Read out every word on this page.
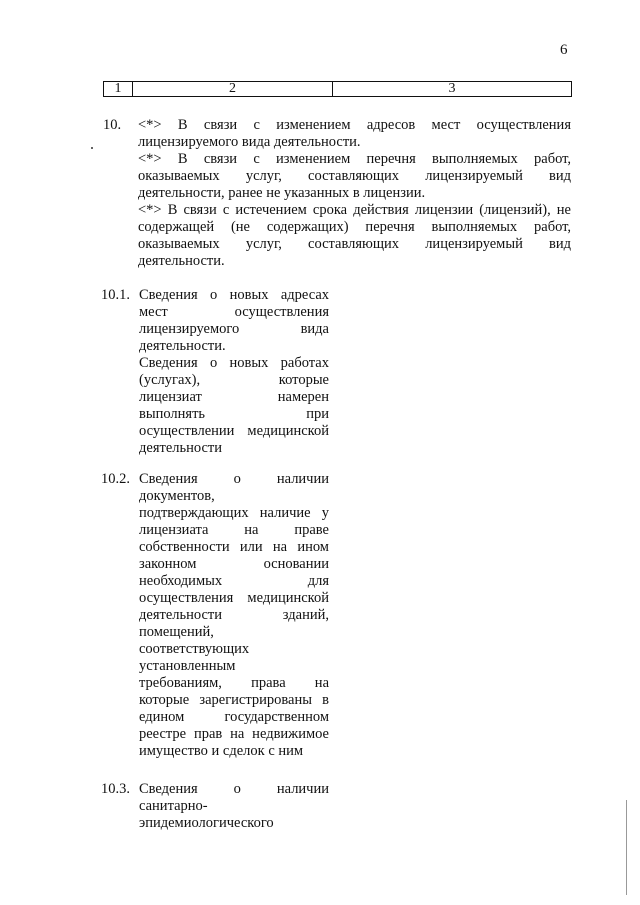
6
1	2	3
10. <*> В связи с изменением адресов мест осуществления
лицензируемого вида деятельности.
<*> В связи с изменением перечня выполняемых работ,
оказываемых услуг, составляющих лицензируемый вид
деятельности, ранее не указанных в лицензии.
<*> В связи с истечением срока действия лицензии (лицензий), не
содержащей (не содержащих) перечня выполняемых работ,
оказываемых услуг, составляющих лицензируемый вид
деятельности.
10.1. Сведения о новых адресах
мест осуществления
лицензируемого вида
деятельности.
Сведения о новых работах
(услугах), которые
лицензиат намерен
выполнять при
осуществлении медицинской
деятельности
10.2. Сведения о наличии
документов,
подтверждающих наличие у
лицензиата на праве
собственности или на ином
законном основании
необходимых для
осуществления медицинской
деятельности зданий,
помещений,
соответствующих
установленным
требованиям, права на
которые зарегистрированы в
едином государственном
реестре прав на недвижимое
имущество и сделок с ним
10.3. Сведения о наличии
санитарно-
эпидемиологического
